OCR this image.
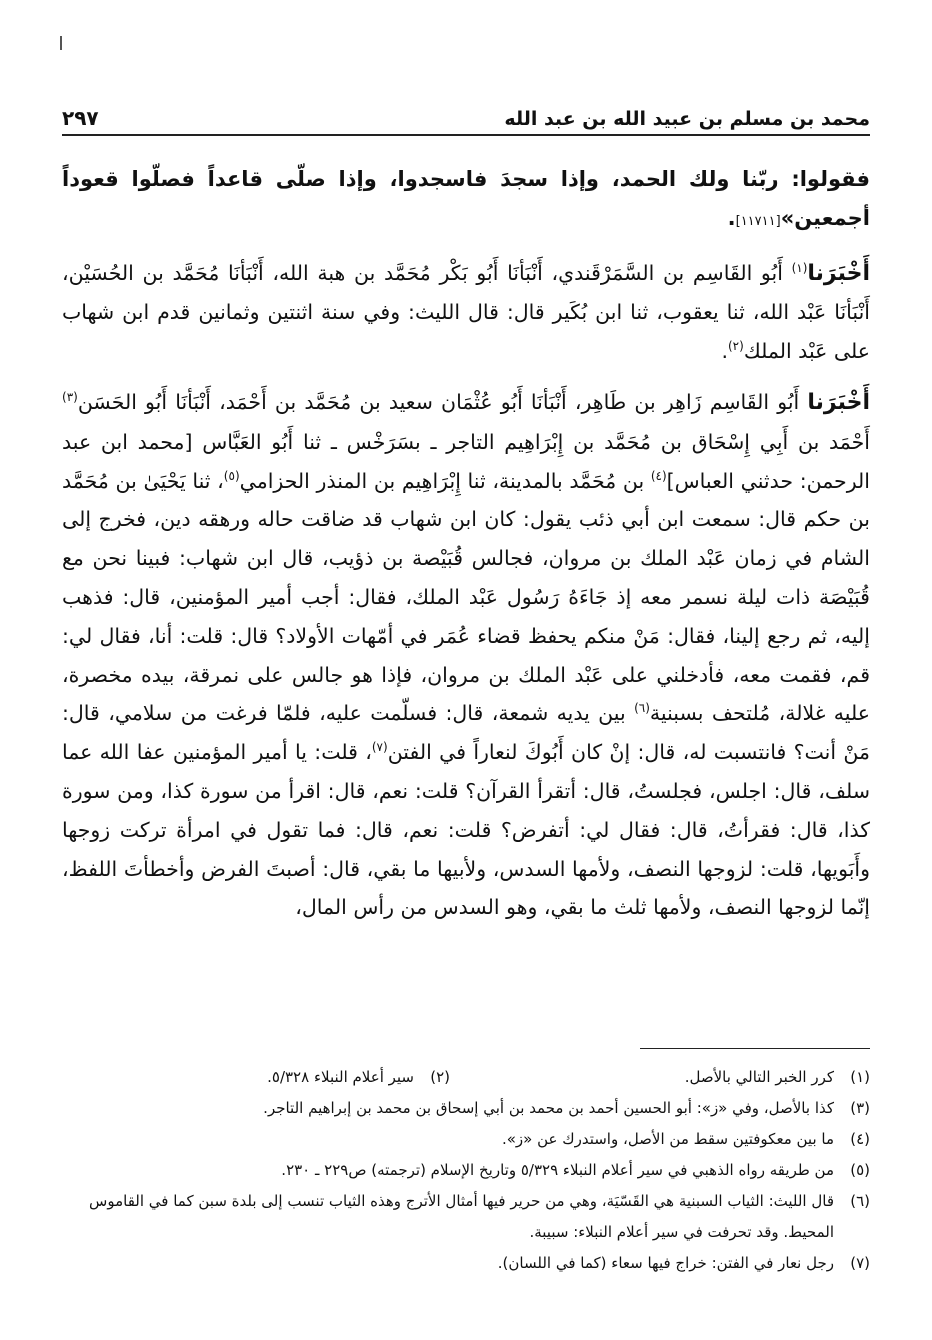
محمد بن مسلم بن عبيد الله بن عبد الله
٢٩٧

فقولوا: ربّنا ولك الحمد، وإذا سجدَ فاسجدوا، وإذا صلّى قاعداً فصلّوا قعوداً أجمعين»[١١٧١١].

أَخْبَرَنا$^{(١)}$ أَبُو القَاسِم بن السَّمَرْقَندي، أَنْبَأنَا أَبُو بَكْر مُحَمَّد بن هبة الله، أَنْبَأنَا مُحَمَّد بن الحُسَيْن، أَنْبَأنَا عَبْد الله، ثنا يعقوب، ثنا ابن بُكَير قال: قال الليث: وفي سنة اثنتين وثمانين قدم ابن شهاب على عَبْد الملك$^{(٢)}$.

أَخْبَرَنا أَبُو القَاسِم زَاهِر بن طَاهِر، أَنْبَأنَا أَبُو عُثْمَان سعيد بن مُحَمَّد بن أَحْمَد، أَنْبَأنَا أَبُو الحَسَن$^{(٣)}$ أَحْمَد بن أَبِي إِسْحَاق بن مُحَمَّد بن إِبْرَاهِيم التاجر ـ بسَرَخْس ـ ثنا أَبُو العَبَّاس [محمد ابن عبد الرحمن: حدثني العباس]$^{(٤)}$ بن مُحَمَّد بالمدينة، ثنا إِبْرَاهِيم بن المنذر الحزامي$^{(٥)}$، ثنا يَحْيَىٰ بن مُحَمَّد بن حكم قال: سمعت ابن أبي ذئب يقول: كان ابن شهاب قد ضاقت حاله ورهقه دين، فخرج إلى الشام في زمان عَبْد الملك بن مروان، فجالس قُبَيْصة بن ذؤيب، قال ابن شهاب: فبينا نحن مع قُبَيْصَة ذات ليلة نسمر معه إذ جَاءَهُ رَسُول عَبْد الملك، فقال: أجب أمير المؤمنين، قال: فذهب إليه، ثم رجع إلينا، فقال: مَنْ منكم يحفظ قضاء عُمَر في أمّهات الأولاد؟ قال: قلت: أنا، فقال لي: قم، فقمت معه، فأدخلني على عَبْد الملك بن مروان، فإذا هو جالس على نمرقة، بيده مخصرة، عليه غلالة، مُلتحف بسبنية$^{(٦)}$ بين يديه شمعة، قال: فسلّمت عليه، فلمّا فرغت من سلامي، قال: مَنْ أنت؟ فانتسبت له، قال: إنْ كان أَبُوكَ لنعاراً في الفتن$^{(٧)}$، قلت: يا أمير المؤمنين عفا الله عما سلف، قال: اجلس، فجلستُ، قال: أتقرأ القرآن؟ قلت: نعم، قال: اقرأ من سورة كذا، ومن سورة كذا، قال: فقرأتُ، قال: فقال لي: أتفرض؟ قلت: نعم، قال: فما تقول في امرأة تركت زوجها وأَبَويها، قلت: لزوجها النصف، ولأمها السدس، ولأبيها ما بقي، قال: أصبتَ الفرض وأخطأتَ اللفظ، إنّما لزوجها النصف، ولأمها ثلث ما بقي، وهو السدس من رأس المال،

(١)
كرر الخبر التالي بالأصل.
(٢)
سير أعلام النبلاء ٥/٣٢٨.
(٣)
كذا بالأصل، وفي «ز»: أبو الحسين أحمد بن محمد بن أبي إسحاق بن محمد بن إبراهيم التاجر.
(٤)
ما بين معكوفتين سقط من الأصل، واستدرك عن «ز».
(٥)
من طريقه رواه الذهبي في سير أعلام النبلاء ٥/٣٢٩ وتاريخ الإسلام (ترجمته) ص٢٢٩ ـ ٢٣٠.
(٦)
قال الليث: الثياب السبنية هي القَسّيَة، وهي من حرير فيها أمثال الأترج وهذه الثياب تنسب إلى بلدة سبن كما في القاموس المحيط. وقد تحرفت في سير أعلام النبلاء: سبيبة.
(٧)
رجل نعار في الفتن: خراج فيها سعاء (كما في اللسان).
